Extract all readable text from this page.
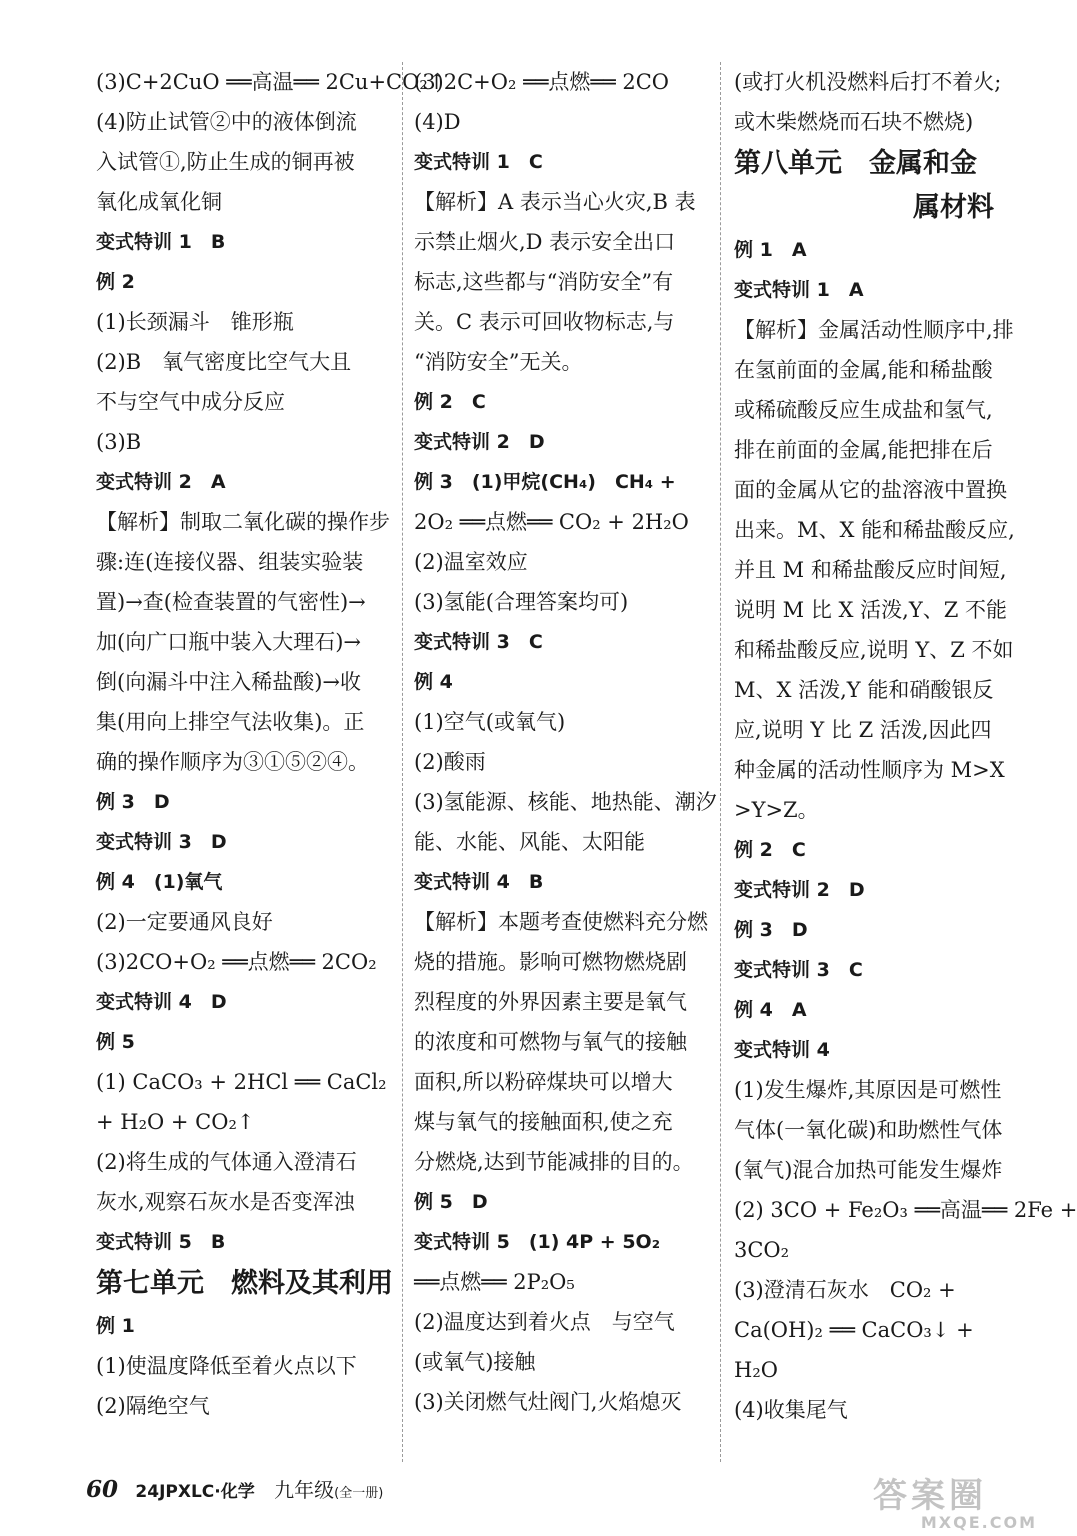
(3)C+2CuO ══高温══ 2Cu+CO₂↑
(4)防止试管②中的液体倒流
入试管①,防止生成的铜再被
氧化成氧化铜
变式特训 1　B
例 2
(1)长颈漏斗　锥形瓶
(2)B　氧气密度比空气大且
不与空气中成分反应
(3)B
变式特训 2　A
【解析】制取二氧化碳的操作步
骤:连(连接仪器、组装实验装
置)→查(检查装置的气密性)→
加(向广口瓶中装入大理石)→
倒(向漏斗中注入稀盐酸)→收
集(用向上排空气法收集)。正
确的操作顺序为③①⑤②④。
例 3　D
变式特训 3　D
例 4　(1)氧气
(2)一定要通风良好
(3)2CO+O₂ ══点燃══ 2CO₂
变式特训 4　D
例 5
(1) CaCO₃ + 2HCl ══ CaCl₂
+ H₂O + CO₂↑
(2)将生成的气体通入澄清石
灰水,观察石灰水是否变浑浊
变式特训 5　B
第七单元　燃料及其利用
例 1
(1)使温度降低至着火点以下
(2)隔绝空气
(3)2C+O₂ ══点燃══ 2CO
(4)D
变式特训 1　C
【解析】A 表示当心火灾,B 表
示禁止烟火,D 表示安全出口
标志,这些都与“消防安全”有
关。C 表示可回收物标志,与
“消防安全”无关。
例 2　C
变式特训 2　D
例 3　(1)甲烷(CH₄)　CH₄ +
2O₂ ══点燃══ CO₂ + 2H₂O
(2)温室效应
(3)氢能(合理答案均可)
变式特训 3　C
例 4
(1)空气(或氧气)
(2)酸雨
(3)氢能源、核能、地热能、潮汐
能、水能、风能、太阳能
变式特训 4　B
【解析】本题考查使燃料充分燃
烧的措施。影响可燃物燃烧剧
烈程度的外界因素主要是氧气
的浓度和可燃物与氧气的接触
面积,所以粉碎煤块可以增大
煤与氧气的接触面积,使之充
分燃烧,达到节能减排的目的。
例 5　D
变式特训 5　(1) 4P + 5O₂
══点燃══ 2P₂O₅
(2)温度达到着火点　与空气
(或氧气)接触
(3)关闭燃气灶阀门,火焰熄灭
(或打火机没燃料后打不着火;
或木柴燃烧而石块不燃烧)
第八单元　金属和金
属材料
例 1　A
变式特训 1　A
【解析】金属活动性顺序中,排
在氢前面的金属,能和稀盐酸
或稀硫酸反应生成盐和氢气,
排在前面的金属,能把排在后
面的金属从它的盐溶液中置换
出来。M、X 能和稀盐酸反应,
并且 M 和稀盐酸反应时间短,
说明 M 比 X 活泼,Y、Z 不能
和稀盐酸反应,说明 Y、Z 不如
M、X 活泼,Y 能和硝酸银反
应,说明 Y 比 Z 活泼,因此四
种金属的活动性顺序为 M>X
>Y>Z。
例 2　C
变式特训 2　D
例 3　D
变式特训 3　C
例 4　A
变式特训 4
(1)发生爆炸,其原因是可燃性
气体(一氧化碳)和助燃性气体
(氧气)混合加热可能发生爆炸
(2) 3CO + Fe₂O₃ ══高温══ 2Fe +
3CO₂
(3)澄清石灰水　CO₂ +
Ca(OH)₂ ══ CaCO₃↓ +
H₂O
(4)收集尾气
60 24JPXLC·化学 九年级(全一册)	答案圈
MXQE.COM
